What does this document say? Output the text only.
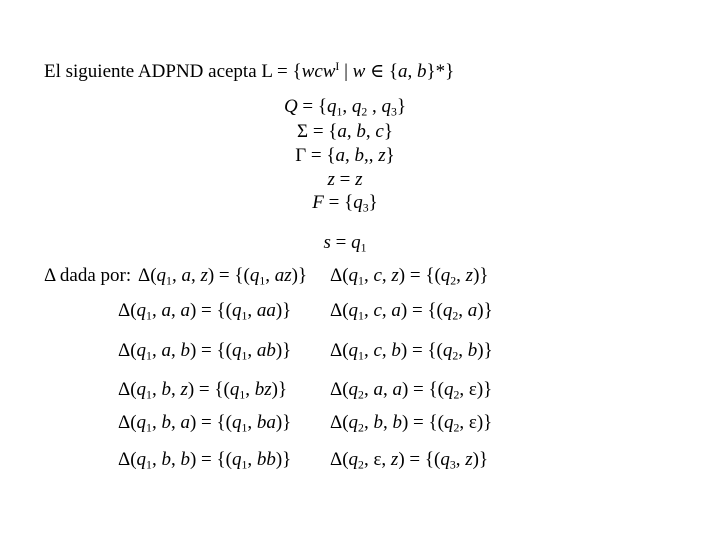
El siguiente ADPND acepta L = {wcw$^I$ | w ∈ {a, b}*}
$Q = \{q_1$, $q_2$ , $q_3$}
Σ = {a, b, c}
Γ = {a, b,, z}
z = z
$F = \{q_3\}$
$s = q_1$
Δ dada por: $\Delta(q_1$, a, $z) = \{(q_1$, az)} $\Delta(q_1$, c, $z) = \{(q_2$, z)}
$\Delta(q_1$, a, $a) = \{(q_1$, aa)} $\Delta(q_1$, c, $a) = \{(q_2$, a)}
$\Delta(q_1$, a, $b) = \{(q_1$, ab)} $\Delta(q_1$, c, $b) = \{(q_2$, b)}
$\Delta(q_1$, b, $z) = \{(q_1$, bz)} $\Delta(q_2$, a, $a) = \{(q_2$, ε)}
$\Delta(q_1$, b, $a) = \{(q_1$, ba)} $\Delta(q_2$, b, $b) = \{(q_2$, ε)}
$\Delta(q_1$, b, $b) = \{(q_1$, bb)} $\Delta(q_2$, ε, $z) = \{(q_3$, z)}
